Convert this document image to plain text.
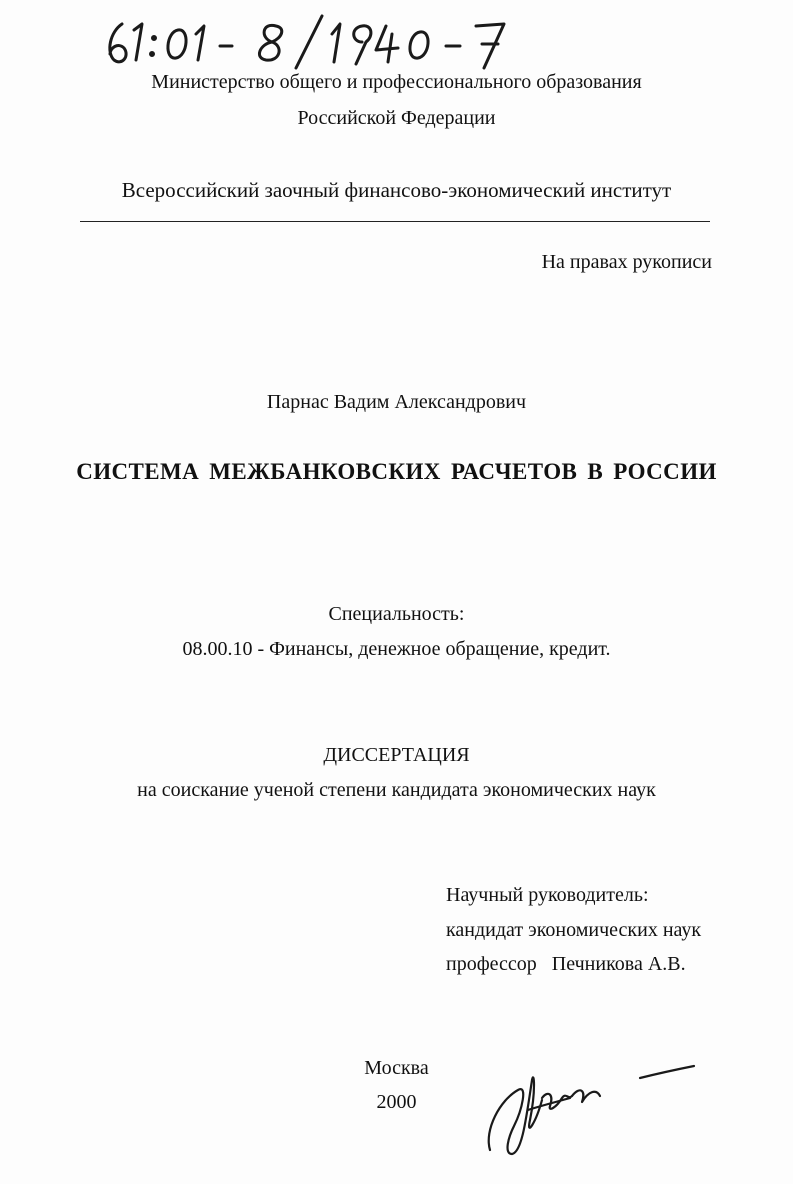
Министерство общего и профессионального образования
Российской Федерации
Всероссийский заочный финансово-экономический институт
На правах рукописи
Парнас Вадим Александрович
СИСТЕМА МЕЖБАНКОВСКИХ РАСЧЕТОВ В РОССИИ
Специальность:
08.00.10 - Финансы, денежное обращение, кредит.
ДИССЕРТАЦИЯ
на соискание ученой степени кандидата экономических наук
Научный руководитель:
кандидат экономических наук
профессор   Печникова А.В.
Москва
2000
